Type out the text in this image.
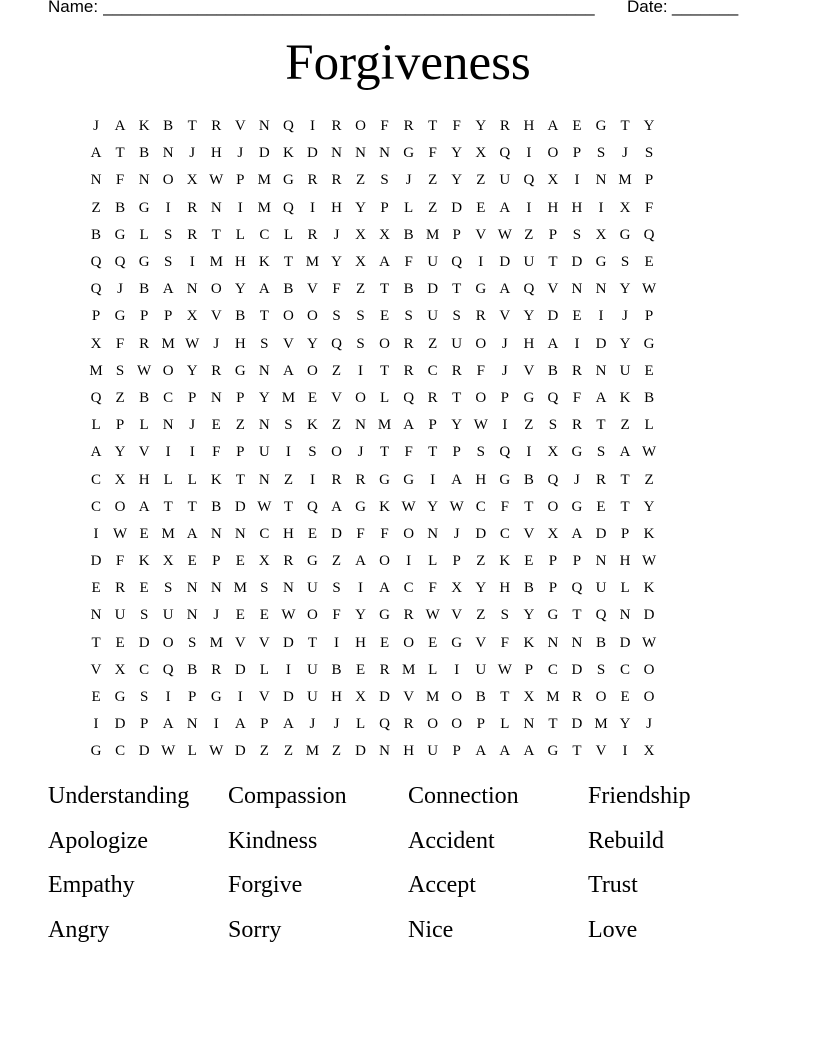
Name: ____________________________________________________	Date: _______
Forgiveness
J	A K B T R V N Q	I	R O F R T	F Y R H A E G T Y
A T B N	J	H	J	D K D N N N G F Y X Q	I	O P	S	J	S
N F N O X W P M G R R Z	S	J	Z Y Z U Q X	I	N M P
Z B G	I	R N	I M Q	I	H Y P	L Z D E A	I	H H	I	X F
B G L	S R T L C L R	J	X X B M P V W Z	P	S X G Q
Q Q G S	I M H K T M Y X A F U Q	I	D U T D G S	E
Q	J	B A N O Y A B V F	Z T B D T G A Q V N N Y W
P G P	P X V B T O O S	S	E	S U S R V Y D E	I	J	P
X F R M W J	H S V Y Q S O R Z U O	J	H A	I	D Y G
M S W O Y R G N A O Z	I	T R C R F	J	V B R N U E
Q Z B C P N P Y M E V O L Q R T O P G Q F A K B
L	P	L N	J	E Z N S K Z N M A P Y W I	Z	S R T Z L
A Y V	I	I	F	P U	I	S O	J	T	F	T	P	S Q	I	X G S A W
C X H L L K T N Z	I	R R G G	I	A H G B Q	J	R T Z
C O A T T B D W T Q A G K W Y W C F	T O G E T Y
I W E M A N N C H E D F	F O N	J	D C V X A D P K
D F K X E	P	E X R G Z A O	I	L	P	Z K E	P	P N H W
E R E	S N N M S N U S	I	A C F X Y H B P Q U L K
N U S U N	J	E E W O F Y G R W V Z	S Y G T Q N D
T E D O S M V V D T	I	H E O E G V F K N N B D W
V X C Q B R D L	I	U B E R M L	I	U W P C D S C O
E G S	I	P G	I	V D U H X D V M O B T X M R O E O
I	D P A N	I	A P A	J	J	L Q R O O P	L N T D M Y	J
G C D W L W D Z Z M Z D N H U P A A A G T V	I	X
Understanding	Compassion	Connection	Friendship
Apologize	Kindness	Accident	Rebuild
Empathy	Forgive	Accept	Trust
Angry	Sorry	Nice	Love
